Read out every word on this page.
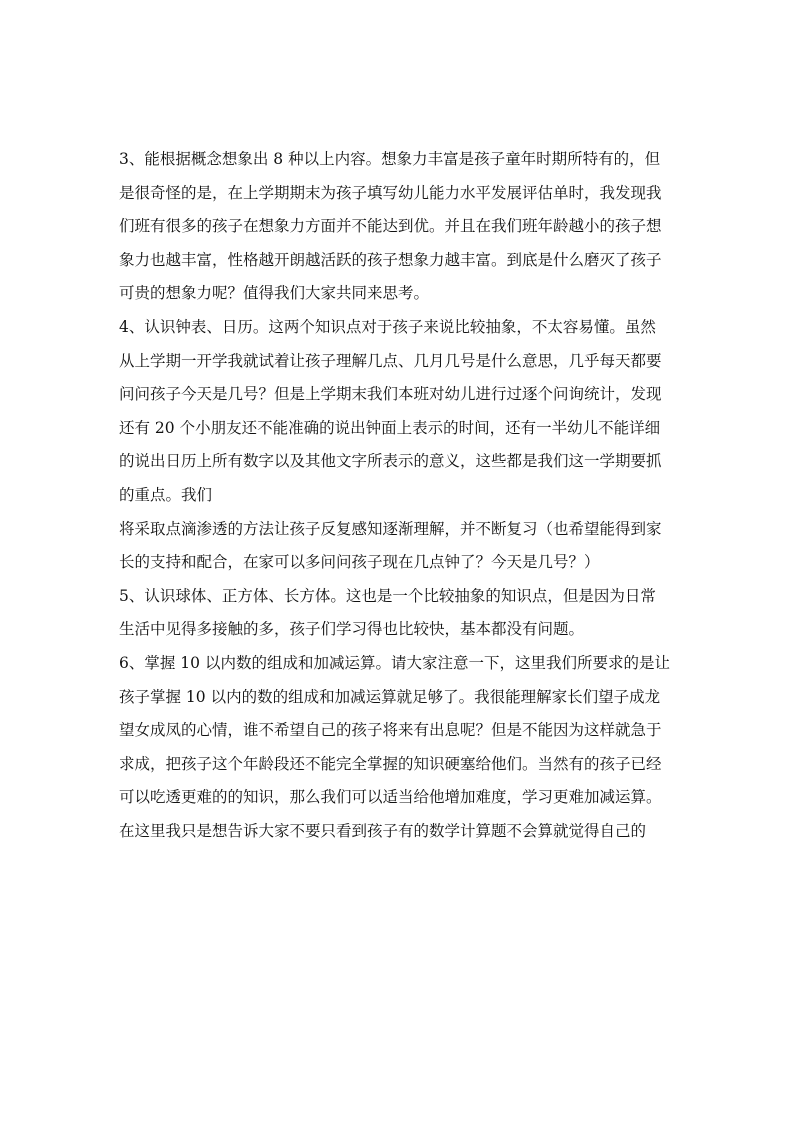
3、能根据概念想象出 8 种以上内容。想象力丰富是孩子童年时期所特有的，但
是很奇怪的是，在上学期期末为孩子填写幼儿能力水平发展评估单时，我发现我
们班有很多的孩子在想象力方面并不能达到优。并且在我们班年龄越小的孩子想
象力也越丰富，性格越开朗越活跃的孩子想象力越丰富。到底是什么磨灭了孩子
可贵的想象力呢？值得我们大家共同来思考。
4、认识钟表、日历。这两个知识点对于孩子来说比较抽象，不太容易懂。虽然
从上学期一开学我就试着让孩子理解几点、几月几号是什么意思，几乎每天都要
问问孩子今天是几号？但是上学期末我们本班对幼儿进行过逐个问询统计，发现
还有 20 个小朋友还不能准确的说出钟面上表示的时间，还有一半幼儿不能详细
的说出日历上所有数字以及其他文字所表示的意义，这些都是我们这一学期要抓
的重点。我们
将采取点滴渗透的方法让孩子反复感知逐渐理解，并不断复习（也希望能得到家
长的支持和配合，在家可以多问问孩子现在几点钟了？今天是几号？）
5、认识球体、正方体、长方体。这也是一个比较抽象的知识点，但是因为日常
生活中见得多接触的多，孩子们学习得也比较快，基本都没有问题。
6、掌握 10 以内数的组成和加减运算。请大家注意一下，这里我们所要求的是让
孩子掌握 10 以内的数的组成和加减运算就足够了。我很能理解家长们望子成龙
望女成凤的心情，谁不希望自己的孩子将来有出息呢？但是不能因为这样就急于
求成，把孩子这个年龄段还不能完全掌握的知识硬塞给他们。当然有的孩子已经
可以吃透更难的的知识，那么我们可以适当给他增加难度，学习更难加减运算。
在这里我只是想告诉大家不要只看到孩子有的数学计算题不会算就觉得自己的
